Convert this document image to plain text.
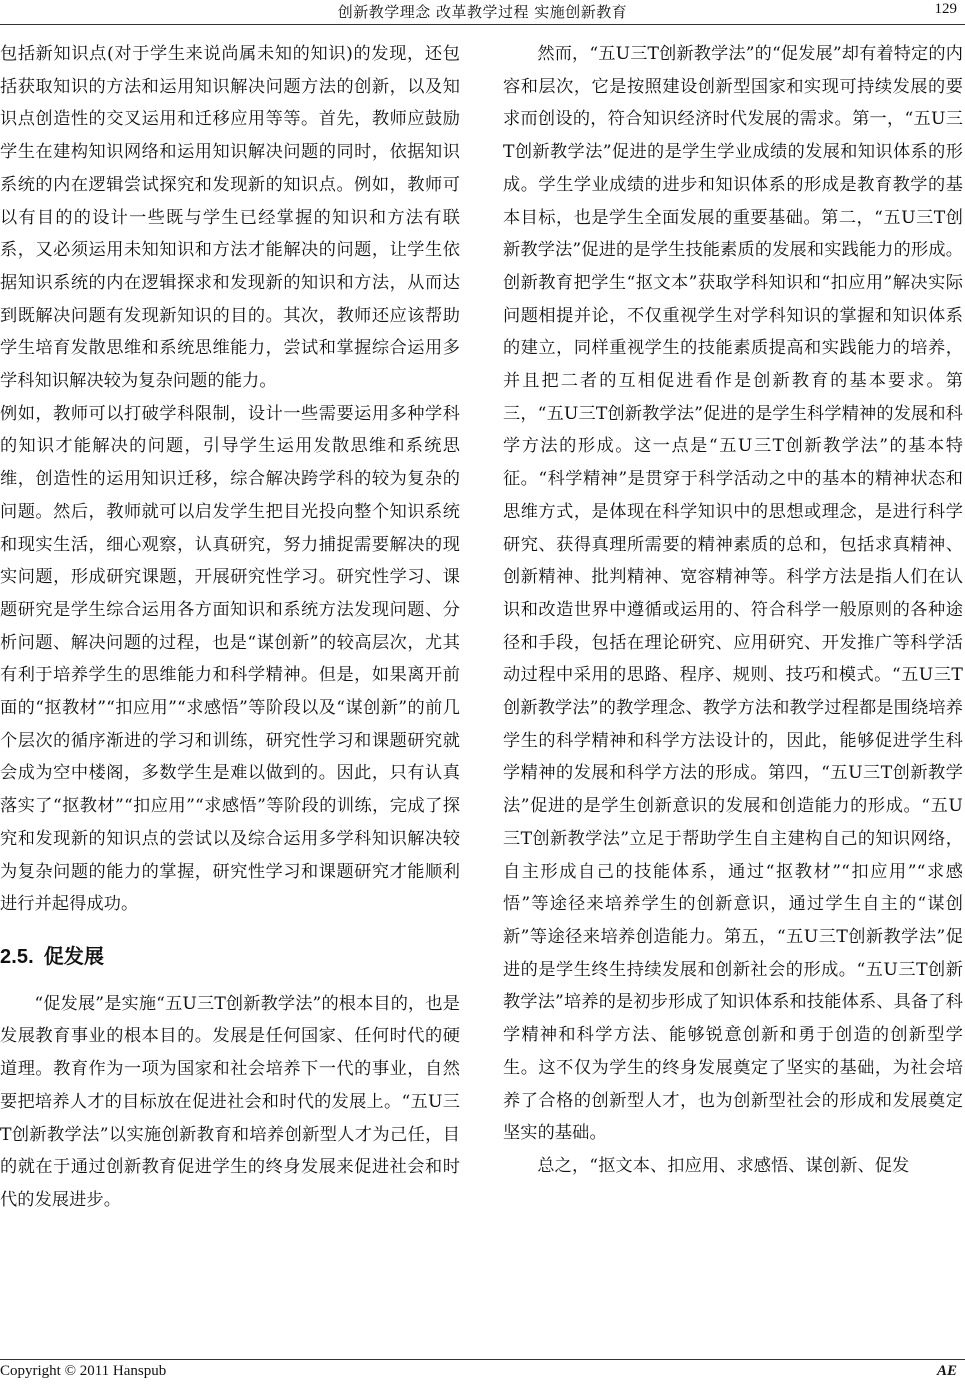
创新教学理念 改革教学过程 实施创新教育	129

包括新知识点(对于学生来说尚属未知的知识)的发现，还包括获取知识的方法和运用知识解决问题方法的创新，以及知识点创造性的交叉运用和迁移应用等等。首先，教师应鼓励学生在建构知识网络和运用知识解决问题的同时，依据知识系统的内在逻辑尝试探究和发现新的知识点。例如，教师可以有目的的设计一些既与学生已经掌握的知识和方法有联系，又必须运用未知知识和方法才能解决的问题，让学生依据知识系统的内在逻辑探求和发现新的知识和方法，从而达到既解决问题有发现新知识的目的。其次，教师还应该帮助学生培育发散思维和系统思维能力，尝试和掌握综合运用多学科知识解决较为复杂问题的能力。

例如，教师可以打破学科限制，设计一些需要运用多种学科的知识才能解决的问题，引导学生运用发散思维和系统思维，创造性的运用知识迁移，综合解决跨学科的较为复杂的问题。然后，教师就可以启发学生把目光投向整个知识系统和现实生活，细心观察，认真研究，努力捕捉需要解决的现实问题，形成研究课题，开展研究性学习。研究性学习、课题研究是学生综合运用各方面知识和系统方法发现问题、分析问题、解决问题的过程，也是“谋创新”的较高层次，尤其有利于培养学生的思维能力和科学精神。但是，如果离开前面的“抠教材”“扣应用”“求感悟”等阶段以及“谋创新”的前几个层次的循序渐进的学习和训练，研究性学习和课题研究就会成为空中楼阁，多数学生是难以做到的。因此，只有认真落实了“抠教材”“扣应用”“求感悟”等阶段的训练，完成了探究和发现新的知识点的尝试以及综合运用多学科知识解决较为复杂问题的能力的掌握，研究性学习和课题研究才能顺利进行并起得成功。

2.5. 促发展

“促发展”是实施“五U三T创新教学法”的根本目的，也是发展教育事业的根本目的。发展是任何国家、任何时代的硬道理。教育作为一项为国家和社会培养下一代的事业，自然要把培养人才的目标放在促进社会和时代的发展上。“五U三T创新教学法”以实施创新教育和培养创新型人才为己任，目的就在于通过创新教育促进学生的终身发展来促进社会和时代的发展进步。

然而，“五U三T创新教学法”的“促发展”却有着特定的内容和层次，它是按照建设创新型国家和实现可持续发展的要求而创设的，符合知识经济时代发展的需求。第一，“五U三T创新教学法”促进的是学生学业成绩的发展和知识体系的形成。学生学业成绩的进步和知识体系的形成是教育教学的基本目标，也是学生全面发展的重要基础。第二，“五U三T创新教学法”促进的是学生技能素质的发展和实践能力的形成。创新教育把学生“抠文本”获取学科知识和“扣应用”解决实际问题相提并论，不仅重视学生对学科知识的掌握和知识体系的建立，同样重视学生的技能素质提高和实践能力的培养，并且把二者的互相促进看作是创新教育的基本要求。第三，“五U三T创新教学法”促进的是学生科学精神的发展和科学方法的形成。这一点是“五U三T创新教学法”的基本特征。“科学精神”是贯穿于科学活动之中的基本的精神状态和思维方式，是体现在科学知识中的思想或理念，是进行科学研究、获得真理所需要的精神素质的总和，包括求真精神、创新精神、批判精神、宽容精神等。科学方法是指人们在认识和改造世界中遵循或运用的、符合科学一般原则的各种途径和手段，包括在理论研究、应用研究、开发推广等科学活动过程中采用的思路、程序、规则、技巧和模式。“五U三T创新教学法”的教学理念、教学方法和教学过程都是围绕培养学生的科学精神和科学方法设计的，因此，能够促进学生科学精神的发展和科学方法的形成。第四，“五U三T创新教学法”促进的是学生创新意识的发展和创造能力的形成。“五U三T创新教学法”立足于帮助学生自主建构自己的知识网络，自主形成自己的技能体系，通过“抠教材”“扣应用”“求感悟”等途径来培养学生的创新意识，通过学生自主的“谋创新”等途径来培养创造能力。第五，“五U三T创新教学法”促进的是学生终生持续发展和创新社会的形成。“五U三T创新教学法”培养的是初步形成了知识体系和技能体系、具备了科学精神和科学方法、能够锐意创新和勇于创造的创新型学生。这不仅为学生的终身发展奠定了坚实的基础，为社会培养了合格的创新型人才，也为创新型社会的形成和发展奠定坚实的基础。

总之，“抠文本、扣应用、求感悟、谋创新、促发

Copyright © 2011 Hanspub	AE
